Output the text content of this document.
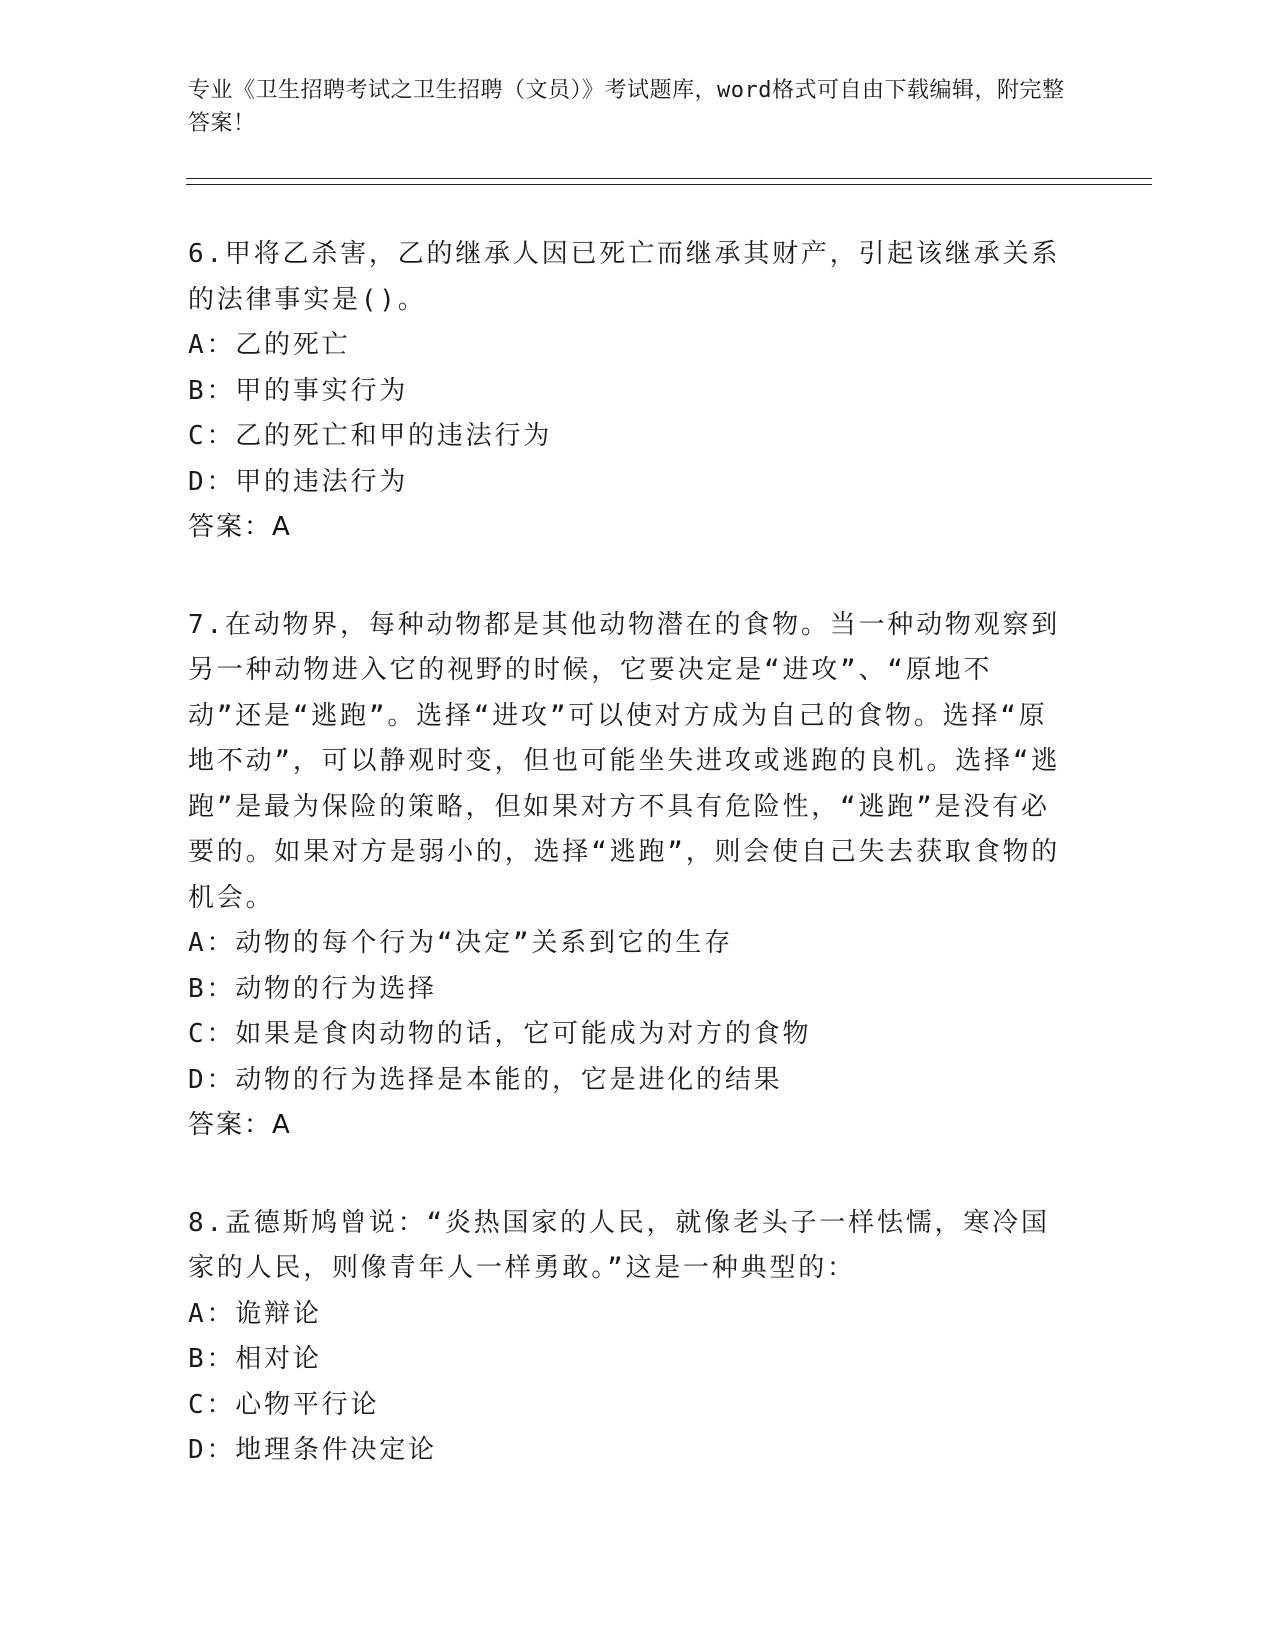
专业《卫生招聘考试之卫生招聘（文员）》考试题库，word格式可自由下载编辑，附完整答案！

6.甲将乙杀害，乙的继承人因已死亡而继承其财产，引起该继承关系的法律事实是()。

A：乙的死亡

B：甲的事实行为

C：乙的死亡和甲的违法行为

D：甲的违法行为

答案：A

7.在动物界，每种动物都是其他动物潜在的食物。当一种动物观察到另一种动物进入它的视野的时候，它要决定是“进攻”、“原地不动”还是“逃跑”。选择“进攻”可以使对方成为自己的食物。选择“原地不动”，可以静观时变，但也可能坐失进攻或逃跑的良机。选择“逃跑”是最为保险的策略，但如果对方不具有危险性，“逃跑”是没有必要的。如果对方是弱小的，选择“逃跑”，则会使自己失去获取食物的机会。

A：动物的每个行为“决定”关系到它的生存

B：动物的行为选择

C：如果是食肉动物的话，它可能成为对方的食物

D：动物的行为选择是本能的，它是进化的结果

答案：A

8.孟德斯鸠曾说：“炎热国家的人民，就像老头子一样怯懦，寒冷国家的人民，则像青年人一样勇敢。”这是一种典型的：

A：诡辩论

B：相对论

C：心物平行论

D：地理条件决定论
